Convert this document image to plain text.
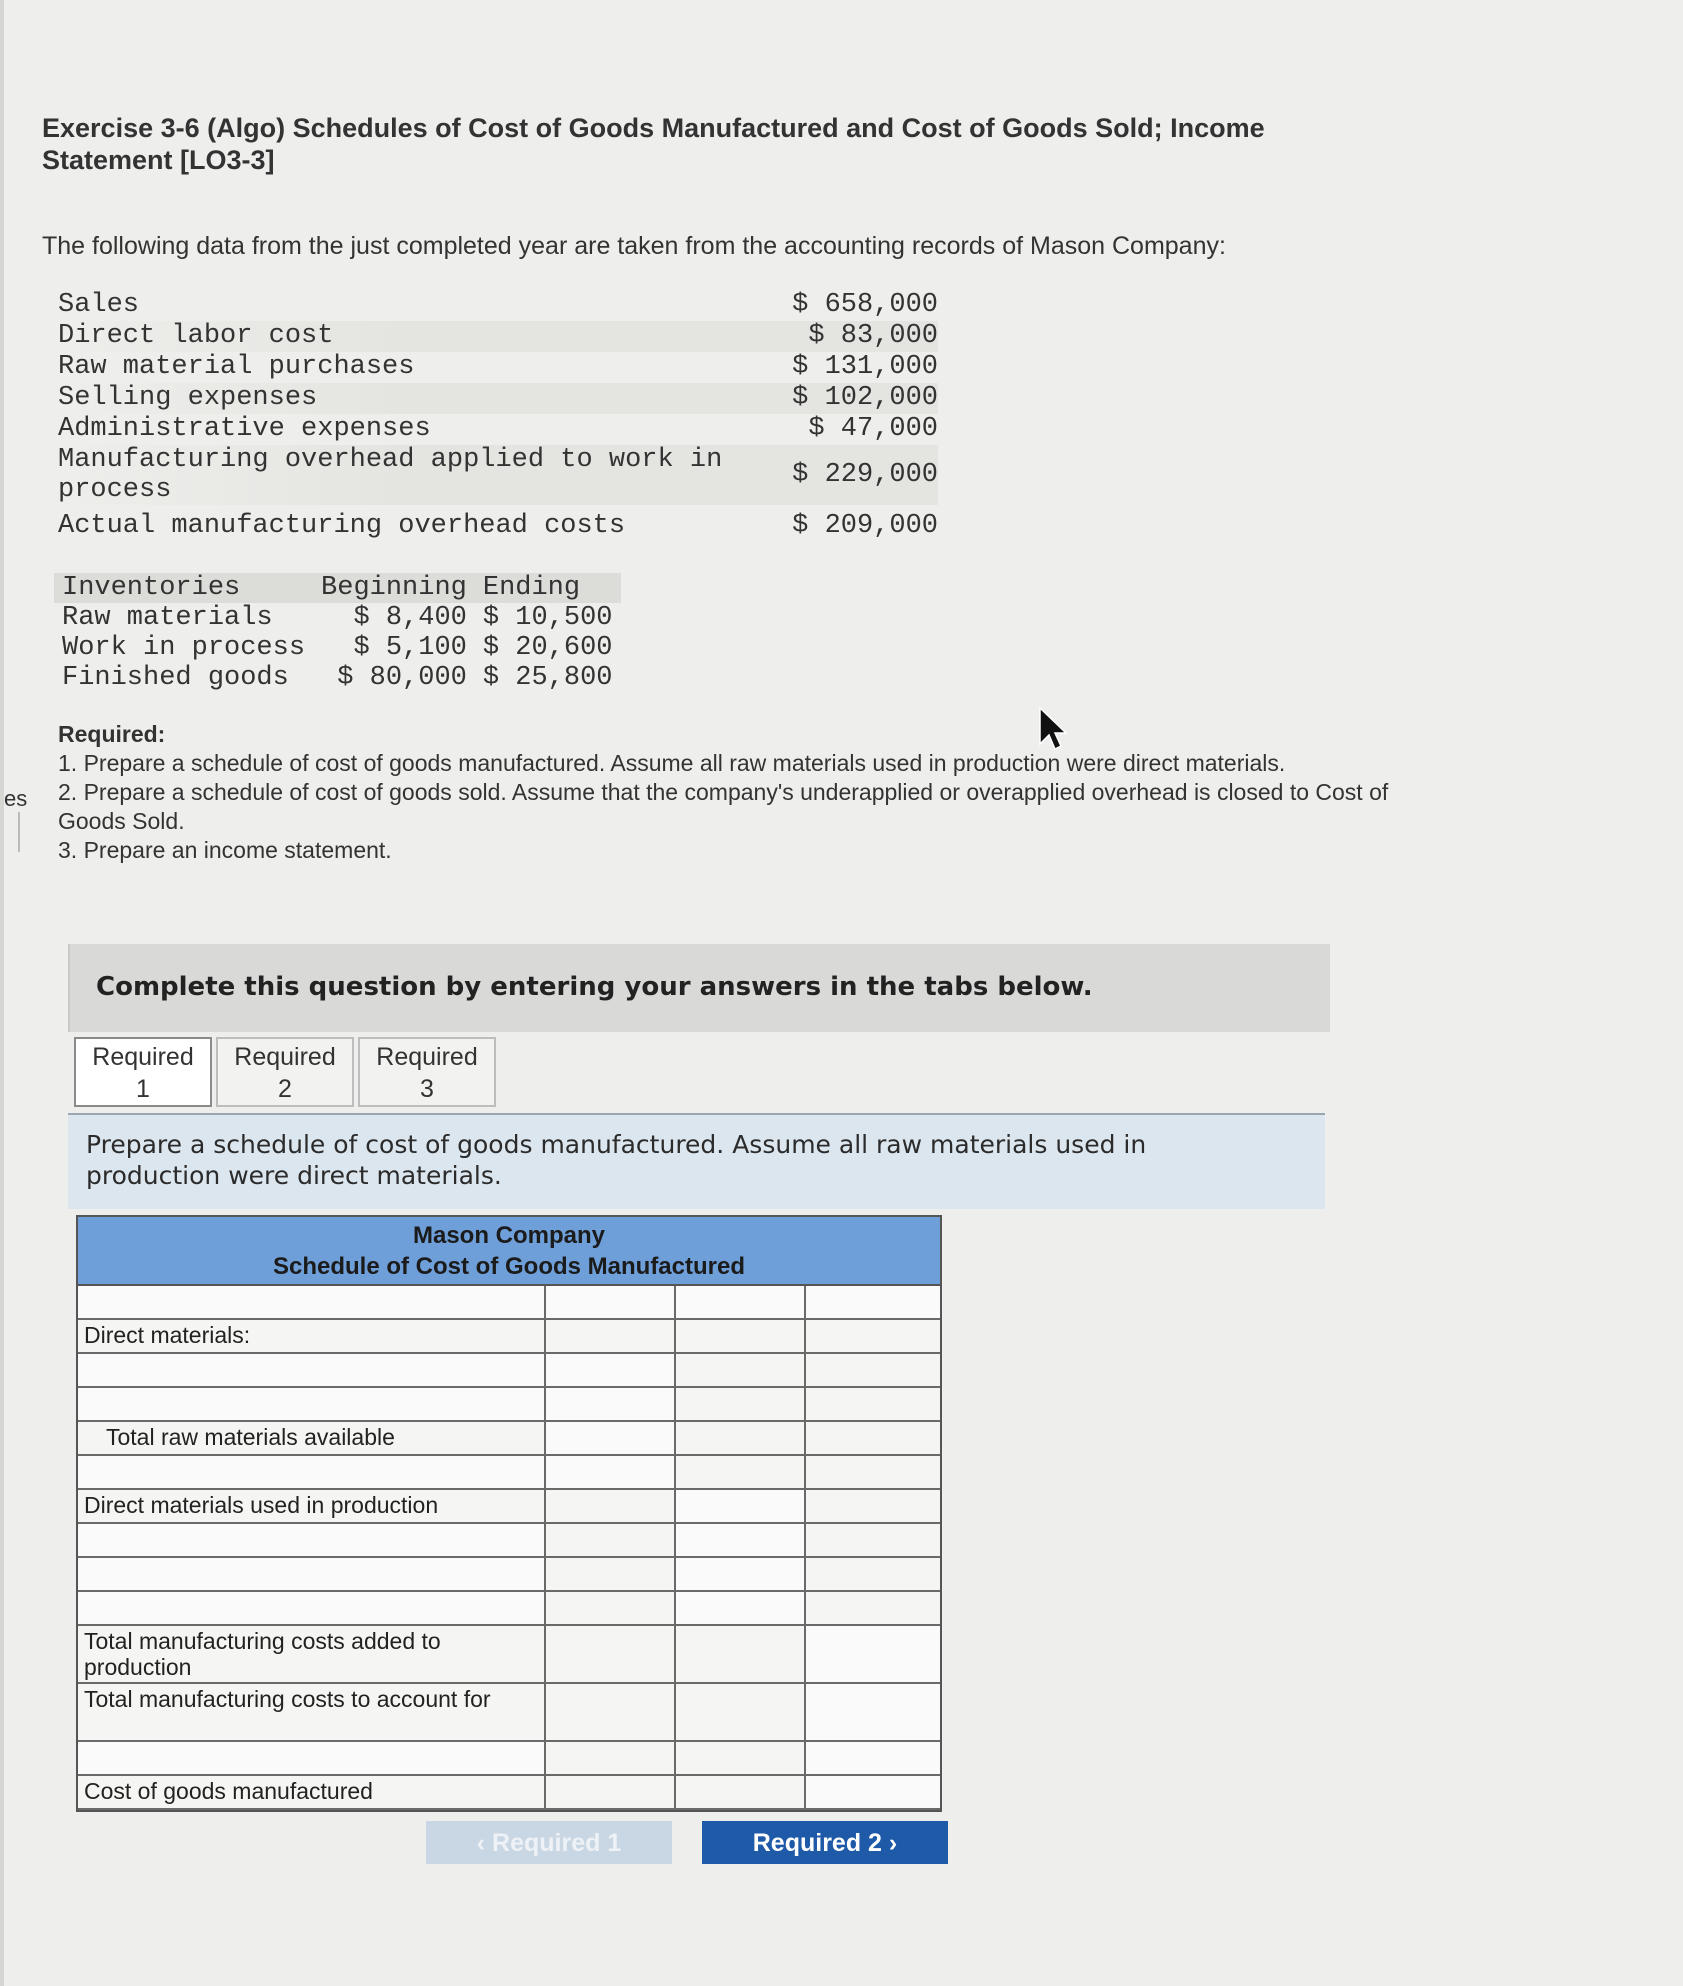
es
Exercise 3-6 (Algo) Schedules of Cost of Goods Manufactured and Cost of Goods Sold; Income Statement [LO3-3]

The following data from the just completed year are taken from the accounting records of Mason Company:

Sales	$ 658,000
Direct labor cost	$ 83,000
Raw material purchases	$ 131,000
Selling expenses	$ 102,000
Administrative expenses	$ 47,000
Manufacturing overhead applied to work in process	$ 229,000
Actual manufacturing overhead costs	$ 209,000
Inventories	Beginning	Ending
Raw materials	$ 8,400	$ 10,500
Work in process	$ 5,100	$ 20,600
Finished goods	$ 80,000	$ 25,800

Required:

1. Prepare a schedule of cost of goods manufactured. Assume all raw materials used in production were direct materials.

2. Prepare a schedule of cost of goods sold. Assume that the company's underapplied or overapplied overhead is closed to Cost of Goods Sold.

3. Prepare an income statement.

Complete this question by entering your answers in the tabs below.
Required
1
Required
2
Required
3
Prepare a schedule of cost of goods manufactured. Assume all raw materials used in production were direct materials.
Mason Company
Schedule of Cost of Goods Manufactured
Direct materials:
Total raw materials available
Direct materials used in production
Total manufacturing costs added to production
Total manufacturing costs to account for
Cost of goods manufactured
‹ Required 1	Required 2 ›
